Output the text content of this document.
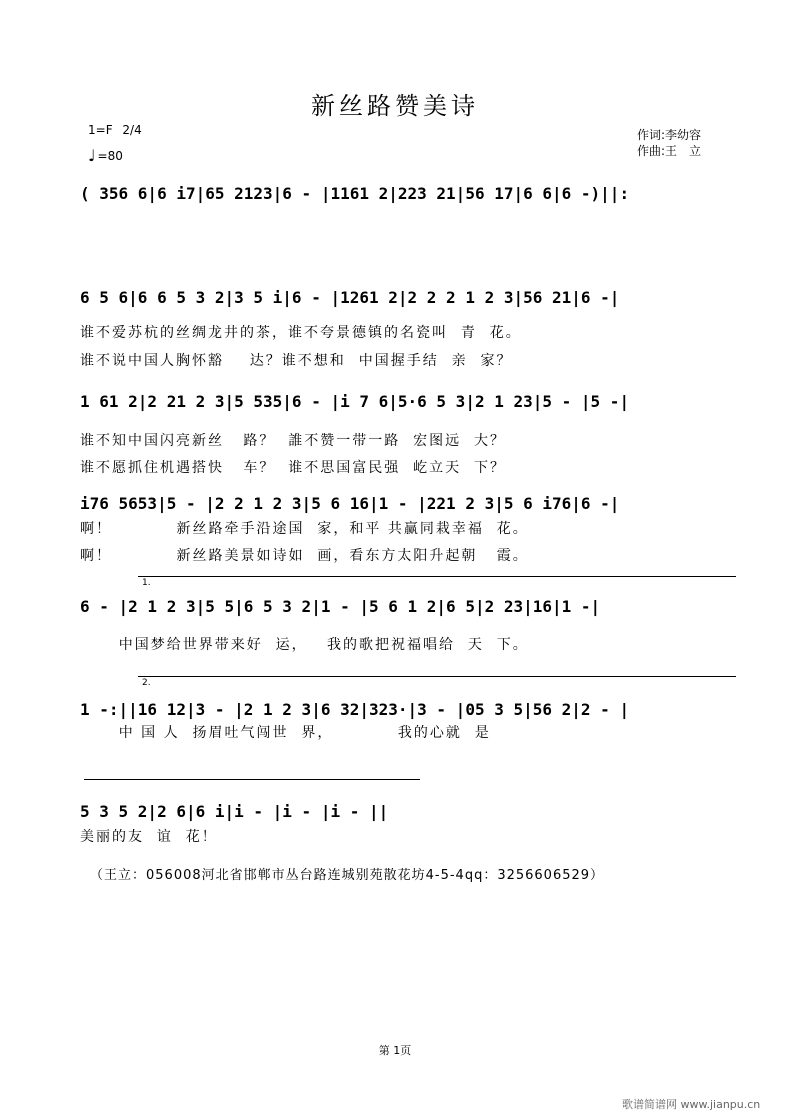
新丝路赞美诗
1=F 2/4
♩ =80
作词:李幼容
作曲:王　立
( 356 6|6 i7|65 2123|6 - |1161 2|223 21|56 17|6 6|6 -)||:
6 5 6|6 6 5 3 2|3 5 i|6 - |1261 2|2 2 2 1 2 3|56 21|6 -|
谁不爱苏杭的丝绸龙井的茶，谁不夸景德镇的名瓷叫  青  花。
谁不说中国人胸怀豁    达？谁不想和  中国握手结  亲  家？
1 61 2|2 21 2 3|5 535|6 - |i 7 6|5·6 5 3|2 1 23|5 - |5 -|
谁不知中国闪亮新丝   路？  誰不赞一带一路  宏图远  大？
谁不愿抓住机遇搭快   车？  谁不思国富民强  屹立天  下？
i76 5653|5 - |2 2 1 2 3|5 6 16|1 - |221 2 3|5 6 i76|6 -|
啊！          新丝路牵手沿途国  家，和平 共赢同栽幸福  花。
啊！          新丝路美景如诗如  画，看东方太阳升起朝   霞。
1.
6 - |2 1 2 3|5 5|6 5 3 2|1 - |5 6 1 2|6 5|2 23|16|1 -|
中国梦给世界带来好  运，   我的歌把祝福唱给  天  下。
2.
1 -:||16 12|3 - |2 1 2 3|6 32|323·|3 - |05 3 5|56 2|2 - |
中 国 人  扬眉吐气闯世  界，          我的心就  是
5 3 5 2|2 6|6 i|i - |i - |i - ||
美丽的友  谊  花！
（王立：056008河北省邯郸市丛台路连城别苑散花坊4-5-4qq：3256606529）
第 1页
歌谱简谱网 www.jianpu.cn
